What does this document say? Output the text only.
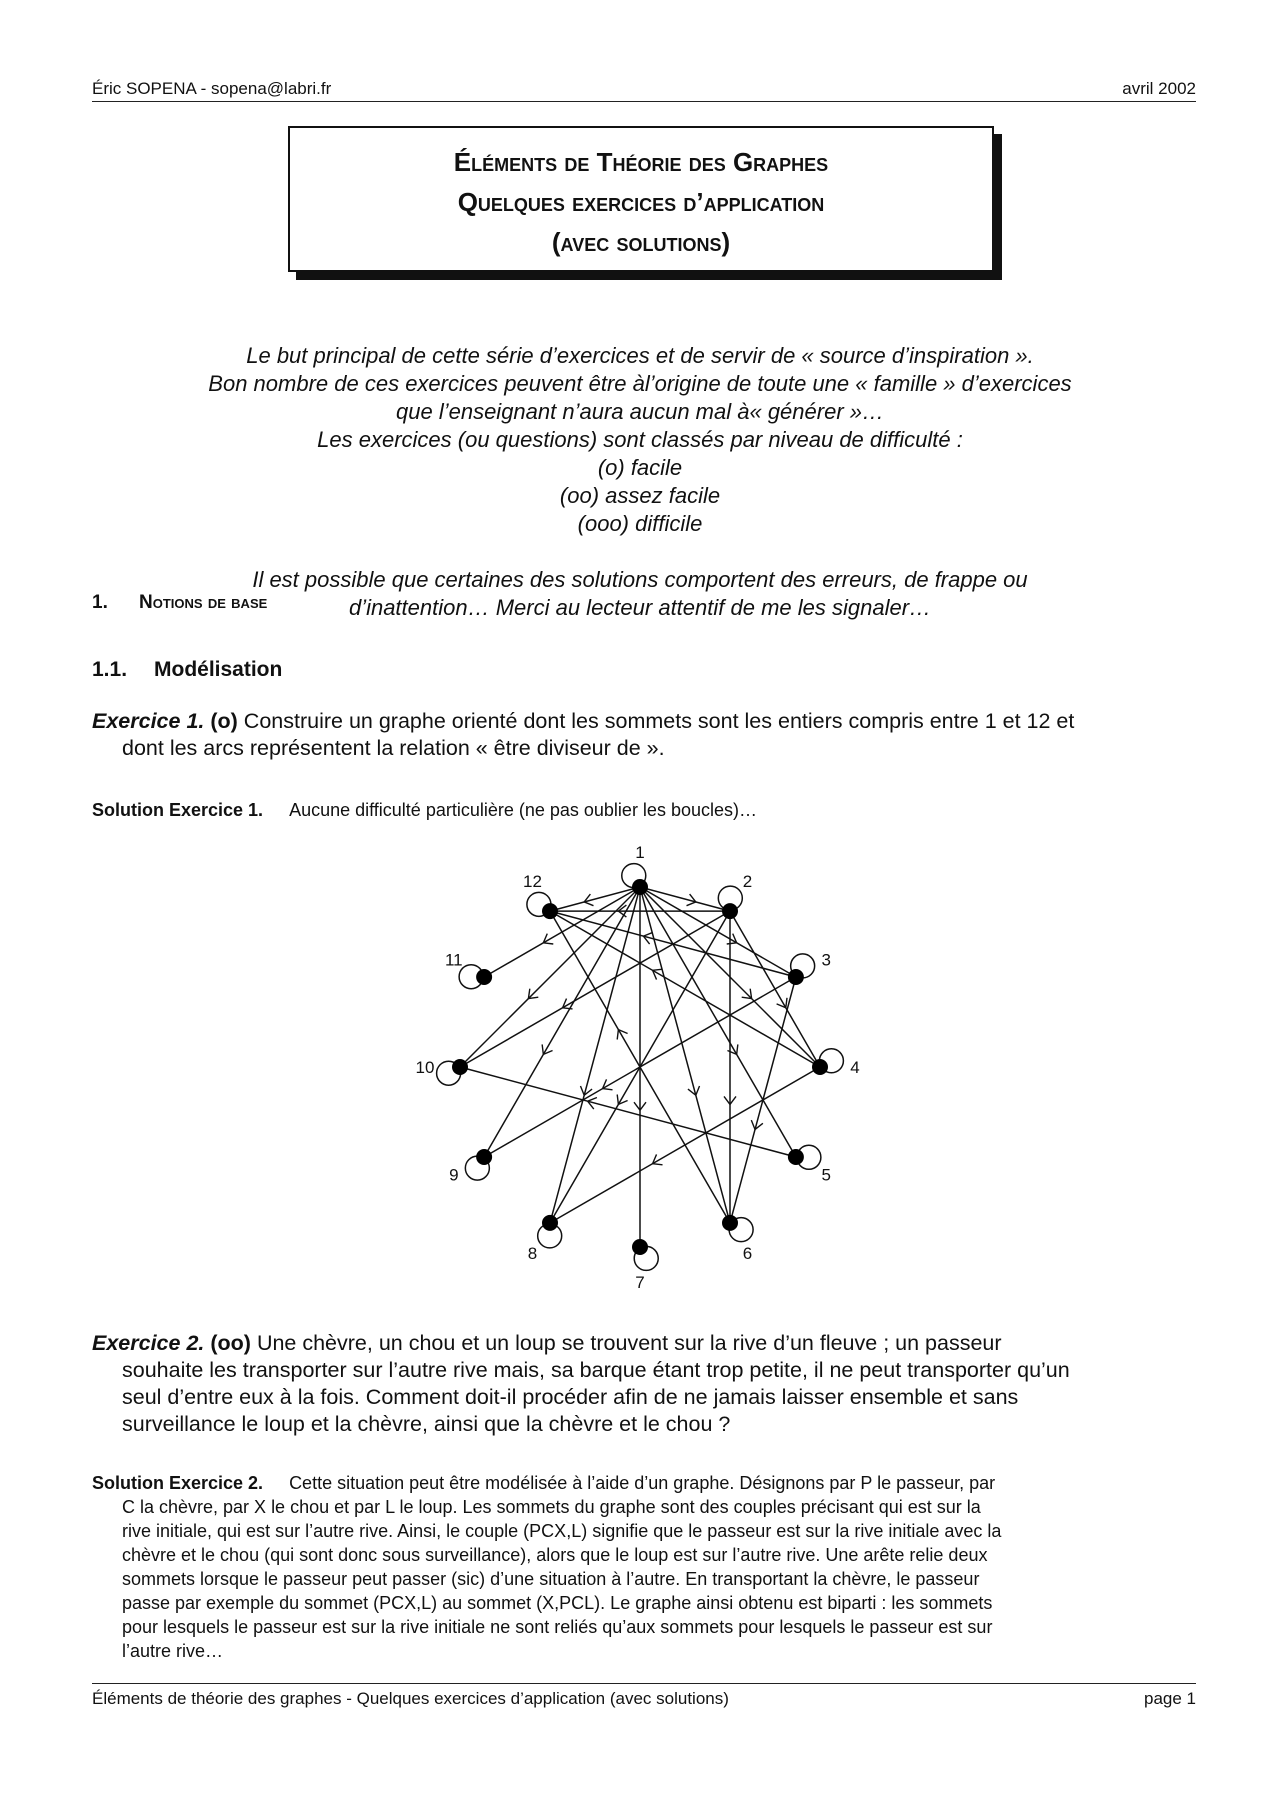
Éric SOPENA - sopena@labri.fr	avril 2002
Éléments de Théorie des Graphes
Quelques exercices d’application
(avec solutions)
Le but principal de cette série d’exercices et de servir de « source d’inspiration ».
Bon nombre de ces exercices peuvent être àl’origine de toute une « famille » d’exercices
que l’enseignant n’aura aucun mal à« générer »…
Les exercices (ou questions) sont classés par niveau de difficulté :
(o) facile
(oo) assez facile
(ooo) difficile
Il est possible que certaines des solutions comportent des erreurs, de frappe ou
d’inattention… Merci au lecteur attentif de me les signaler…
1. Notions de base
1.1. Modélisation
Exercice 1. (o) Construire un graphe orienté dont les sommets sont les entiers compris entre 1 et 12 et
dont les arcs représentent la relation « être diviseur de ».
Solution Exercice 1. Aucune difficulté particulière (ne pas oublier les boucles)…
1
2
3
4
5
6
7
8
9
10
11
12
Exercice 2. (oo) Une chèvre, un chou et un loup se trouvent sur la rive d’un fleuve ; un passeur
souhaite les transporter sur l’autre rive mais, sa barque étant trop petite, il ne peut transporter qu’un
seul d’entre eux à la fois. Comment doit-il procéder afin de ne jamais laisser ensemble et sans
surveillance le loup et la chèvre, ainsi que la chèvre et le chou ?
Solution Exercice 2. Cette situation peut être modélisée à l’aide d’un graphe. Désignons par P le passeur, par
C la chèvre, par X le chou et par L le loup. Les sommets du graphe sont des couples précisant qui est sur la
rive initiale, qui est sur l’autre rive. Ainsi, le couple (PCX,L) signifie que le passeur est sur la rive initiale avec la
chèvre et le chou (qui sont donc sous surveillance), alors que le loup est sur l’autre rive. Une arête relie deux
sommets lorsque le passeur peut passer (sic) d’une situation à l’autre. En transportant la chèvre, le passeur
passe par exemple du sommet (PCX,L) au sommet (X,PCL). Le graphe ainsi obtenu est biparti : les sommets
pour lesquels le passeur est sur la rive initiale ne sont reliés qu’aux sommets pour lesquels le passeur est sur
l’autre rive…
Éléments de théorie des graphes - Quelques exercices d’application (avec solutions)	page 1
